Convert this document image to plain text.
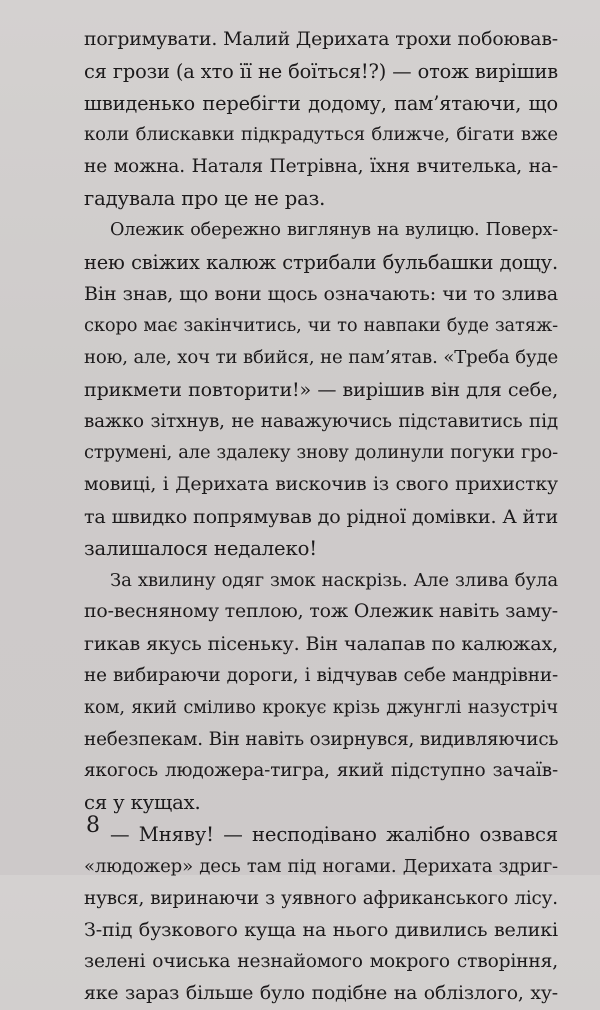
погримувати. Малий Дерихата трохи побоював-
ся грози (а хто її не боїться!?) — отож вирішив
швиденько перебігти додому, пам’ятаючи, що
коли блискавки підкрадуться ближче, бігати вже
не можна. Наталя Петрівна, їхня вчителька, на-
гадувала про це не раз.
Олежик обережно виглянув на вулицю. Поверх-
нею свіжих калюж стрибали бульбашки дощу.
Він знав, що вони щось означають: чи то злива
скоро має закінчитись, чи то навпаки буде затяж-
ною, але, хоч ти вбийся, не пам’ятав. «Треба буде
прикмети повторити!» — вирішив він для себе,
важко зітхнув, не наважуючись підставитись під
струмені, але здалеку знову долинули погуки гро-
мовиці, і Дерихата вискочив із свого прихистку
та швидко попрямував до рідної домівки. А йти
залишалося недалеко!
За хвилину одяг змок наскрізь. Але злива була
по-весняному теплою, тож Олежик навіть заму-
гикав якусь пісеньку. Він чалапав по калюжах,
не вибираючи дороги, і відчував себе мандрівни-
ком, який сміливо крокує крізь джунглі назустріч
небезпекам. Він навіть озирнувся, видивляючись
якогось людожера-тигра, який підступно зачаїв-
ся у кущах.
— Мняву! — несподівано жалібно озвався
«людожер» десь там під ногами. Дерихата здриг-
нувся, виринаючи з уявного африканського лісу.
З-під бузкового куща на нього дивились великі
зелені очиська незнайомого мокрого створіння,
яке зараз більше було подібне на облізлого, ху-
8
